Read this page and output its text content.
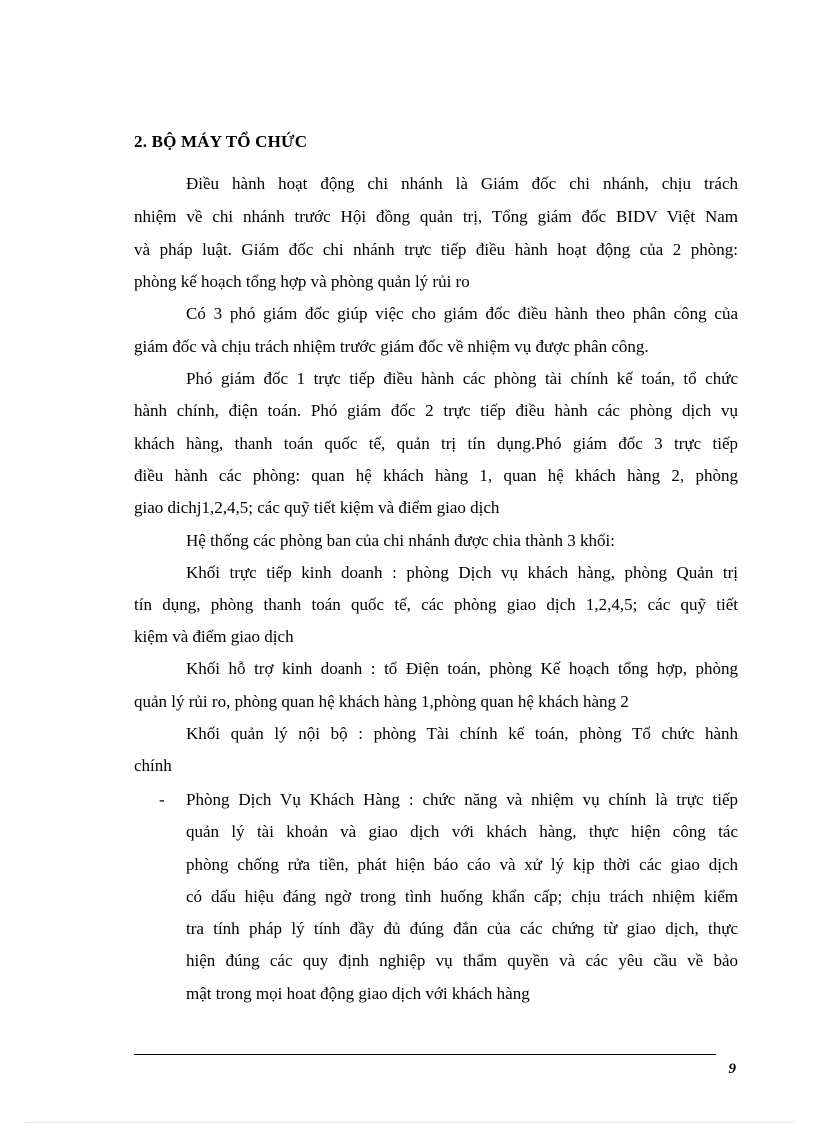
2. BỘ MÁY TỔ CHỨC
Điều hành hoạt động chi nhánh là Giám đốc chi nhánh, chịu trách
nhiệm về chi nhánh trước Hội đồng quản trị, Tổng giám đốc BIDV Việt Nam
và pháp luật. Giám đốc chi nhánh trực tiếp điều hành hoạt động của 2 phòng:
phòng kế hoạch tổng hợp và phòng quản lý rủi ro
Có 3 phó giám đốc giúp việc cho giám đốc điều hành theo phân công của
giám đốc và chịu trách nhiệm trước giám đốc về nhiệm vụ được phân công.
Phó giám đốc 1 trực tiếp điều hành các phòng tài chính kế toán, tổ chức
hành chính, điện toán. Phó giám đốc 2 trực tiếp điều hành các phòng dịch vụ
khách hàng, thanh toán quốc tế, quản trị tín dụng.Phó giám đốc 3 trực tiếp
điều hành các phòng: quan hệ khách hàng 1, quan hệ khách hàng 2, phòng
giao dichj1,2,4,5; các quỹ tiết kiệm và điểm giao dịch
Hệ thống các phòng ban của chi nhánh được chia thành 3 khối:
Khối trực tiếp kinh doanh : phòng Dịch vụ khách hàng, phòng Quản trị
tín dụng, phòng thanh toán quốc tế, các phòng giao dịch 1,2,4,5; các quỹ tiết
kiệm và điểm giao dịch
Khối hỗ trợ kinh doanh : tổ Điện toán, phòng Kế hoạch tổng hợp, phòng
quản lý rủi ro, phòng quan hệ khách hàng 1,phòng quan hệ khách hàng 2
Khối quản lý nội bộ : phòng Tài chính kế toán, phòng Tổ chức hành
chính
- Phòng Dịch Vụ Khách Hàng : chức năng và nhiệm vụ chính là trực tiếp
quản lý tài khoản và giao dịch với khách hàng, thực hiện công tác
phòng chống rửa tiền, phát hiện báo cáo và xử lý kịp thời các giao dịch
có dấu hiệu đáng ngờ trong tình huống khẩn cấp; chịu trách nhiệm kiểm
tra tính pháp lý tính đầy đủ đúng đắn của các chứng từ giao dịch, thực
hiện đúng các quy định nghiệp vụ thẩm quyền và các yêu cầu về bảo
mật trong mọi hoat động giao dịch với khách hàng
9
